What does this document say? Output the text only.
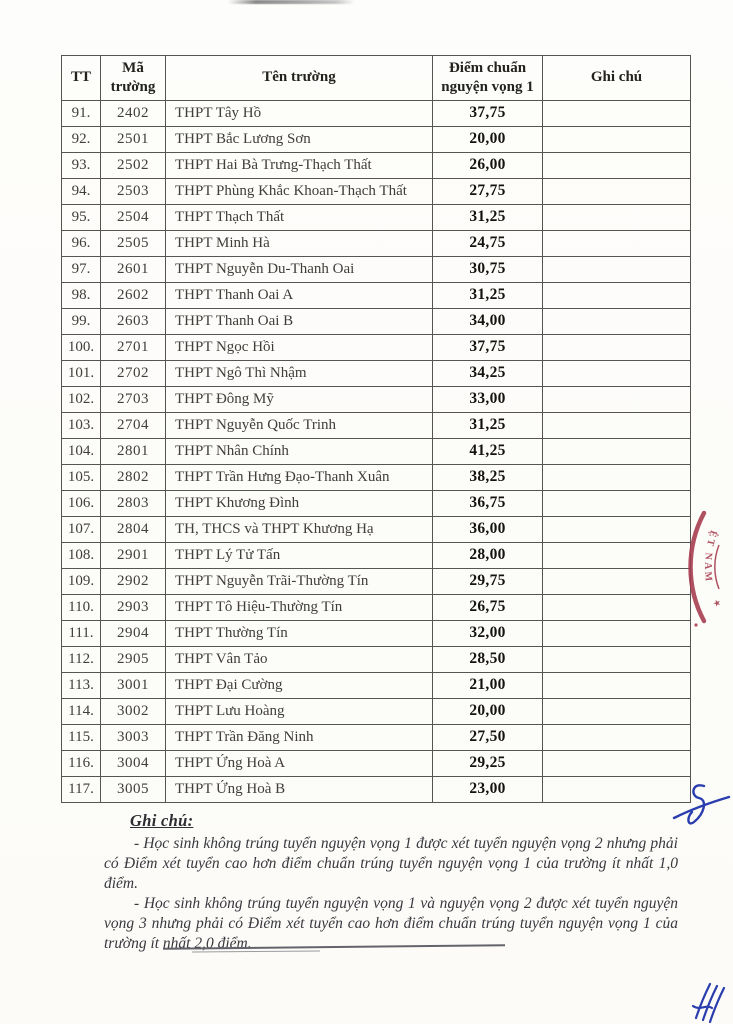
TT	Mã trường	Tên trường	Điểm chuẩn nguyện vọng 1	Ghi chú
91.	2402	THPT Tây Hồ	37,75	
92.	2501	THPT Bắc Lương Sơn	20,00	
93.	2502	THPT Hai Bà Trưng-Thạch Thất	26,00	
94.	2503	THPT Phùng Khắc Khoan-Thạch Thất	27,75	
95.	2504	THPT Thạch Thất	31,25	
96.	2505	THPT Minh Hà	24,75	
97.	2601	THPT Nguyễn Du-Thanh Oai	30,75	
98.	2602	THPT Thanh Oai A	31,25	
99.	2603	THPT Thanh Oai B	34,00	
100.	2701	THPT Ngọc Hồi	37,75	
101.	2702	THPT Ngô Thì Nhậm	34,25	
102.	2703	THPT Đông Mỹ	33,00	
103.	2704	THPT Nguyễn Quốc Trinh	31,25	
104.	2801	THPT Nhân Chính	41,25	
105.	2802	THPT Trần Hưng Đạo-Thanh Xuân	38,25	
106.	2803	THPT Khương Đình	36,75	
107.	2804	TH, THCS và THPT Khương Hạ	36,00	
108.	2901	THPT Lý Tử Tấn	28,00	
109.	2902	THPT Nguyễn Trãi-Thường Tín	29,75	
110.	2903	THPT Tô Hiệu-Thường Tín	26,75	
111.	2904	THPT Thường Tín	32,00	
112.	2905	THPT Vân Tảo	28,50	
113.	3001	THPT Đại Cường	21,00	
114.	3002	THPT Lưu Hoàng	20,00	
115.	3003	THPT Trần Đăng Ninh	27,50	
116.	3004	THPT Ứng Hoà A	29,25	
117.	3005	THPT Ứng Hoà B	23,00	
Ghi chú:

- Học sinh không trúng tuyển nguyện vọng 1 được xét tuyển nguyện vọng 2 nhưng phải có Điểm xét tuyển cao hơn điểm chuẩn trúng tuyển nguyện vọng 1 của trường ít nhất 1,0 điểm.

- Học sinh không trúng tuyển nguyện vọng 1 và nguyện vọng 2 được xét tuyển nguyện vọng 3 nhưng phải có Điểm xét tuyển cao hơn điểm chuẩn trúng tuyển nguyện vọng 1 của trường ít nhất 2,0 điểm.

ỆT NAM
★
